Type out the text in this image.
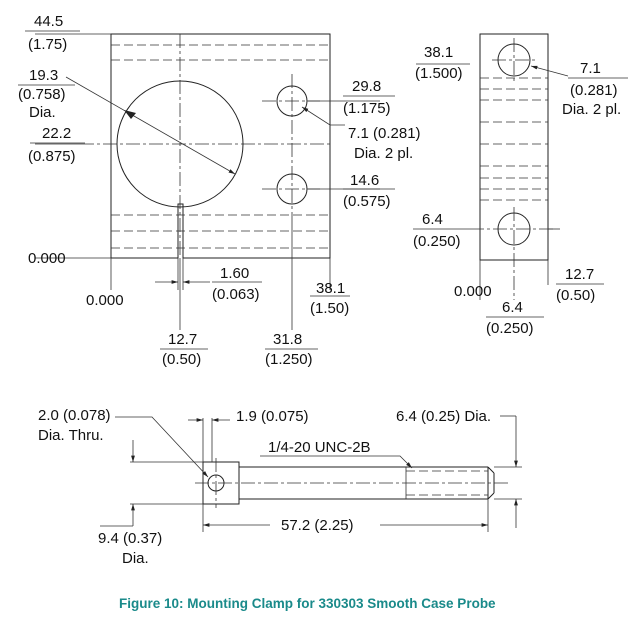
44.5
(1.75)
19.3
(0.758)
Dia.
22.2
(0.875)
0.000
0.000
29.8
(1.175)
7.1 (0.281)
Dia. 2 pl.
14.6
(0.575)
1.60
(0.063)	38.1
(1.50)
12.7
(0.50)
31.8
(1.250)
38.1
(1.500)	7.1
(0.281)
Dia. 2 pl.
6.4
(0.250)
0.000
12.7
(0.50)
6.4
(0.250)
2.0 (0.078)
Dia. Thru.
1.9 (0.075)	6.4 (0.25) Dia.
1/4-20 UNC-2B
9.4 (0.37)
Dia.
57.2 (2.25)
Figure 10: Mounting Clamp for 330303 Smooth Case Probe
